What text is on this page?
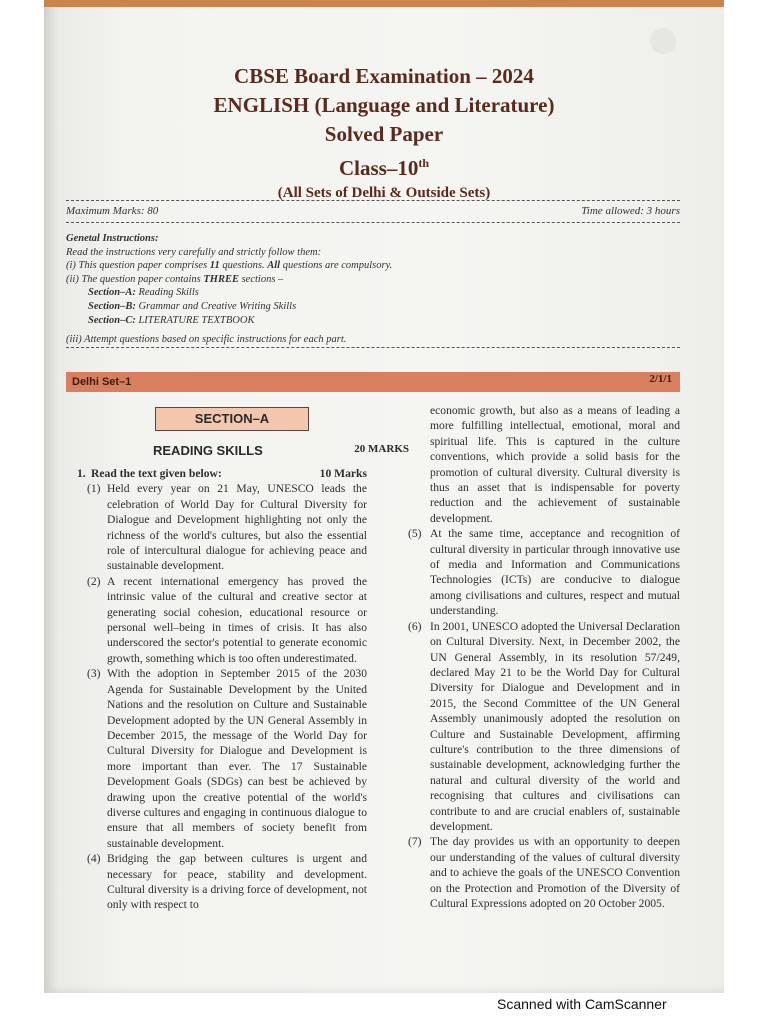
CBSE Board Examination – 2024

ENGLISH (Language and Literature)

Solved Paper

Class–10th

(All Sets of Delhi & Outside Sets)

Maximum Marks: 80	Time allowed: 3 hours
Genetal Instructions:
Read the instructions very carefully and strictly follow them:
(i) This question paper comprises 11 questions. All questions are compulsory.
(ii) The question paper contains THREE sections –
Section–A: Reading Skills
Section–B: Grammar and Creative Writing Skills
Section–C: LITERATURE TEXTBOOK
(iii) Attempt questions based on specific instructions for each part.
Delhi Set–1	2/1/1
SECTION–A
READING SKILLS	20 MARKS
1. Read the text given below:	10 Marks
(1) Held every year on 21 May, UNESCO leads the celebration of World Day for Cultural Diversity for Dialogue and Development highlighting not only the richness of the world's cultures, but also the essential role of intercultural dialogue for achieving peace and sustainable development.
(2) A recent international emergency has proved the intrinsic value of the cultural and creative sector at generating social cohesion, educational resource or personal well–being in times of crisis. It has also underscored the sector's potential to generate economic growth, something which is too often underestimated.
(3) With the adoption in September 2015 of the 2030 Agenda for Sustainable Development by the United Nations and the resolution on Culture and Sustainable Development adopted by the UN General Assembly in December 2015, the message of the World Day for Cultural Diversity for Dialogue and Development is more important than ever. The 17 Sustainable Development Goals (SDGs) can best be achieved by drawing upon the creative potential of the world's diverse cultures and engaging in continuous dialogue to ensure that all members of society benefit from sustainable development.
(4) Bridging the gap between cultures is urgent and necessary for peace, stability and development. Cultural diversity is a driving force of development, not only with respect to
economic growth, but also as a means of leading a more fulfilling intellectual, emotional, moral and spiritual life. This is captured in the culture conventions, which provide a solid basis for the promotion of cultural diversity. Cultural diversity is thus an asset that is indispensable for poverty reduction and the achievement of sustainable development.
(5) At the same time, acceptance and recognition of cultural diversity in particular through innovative use of media and Information and Communications Technologies (ICTs) are conducive to dialogue among civilisations and cultures, respect and mutual understanding.
(6) In 2001, UNESCO adopted the Universal Declaration on Cultural Diversity. Next, in December 2002, the UN General Assembly, in its resolution 57/249, declared May 21 to be the World Day for Cultural Diversity for Dialogue and Development and in 2015, the Second Committee of the UN General Assembly unanimously adopted the resolution on Culture and Sustainable Development, affirming culture's contribution to the three dimensions of sustainable development, acknowledging further the natural and cultural diversity of the world and recognising that cultures and civilisations can contribute to and are crucial enablers of, sustainable development.
(7) The day provides us with an opportunity to deepen our understanding of the values of cultural diversity and to achieve the goals of the UNESCO Convention on the Protection and Promotion of the Diversity of Cultural Expressions adopted on 20 October 2005.
Scanned with CamScanner
